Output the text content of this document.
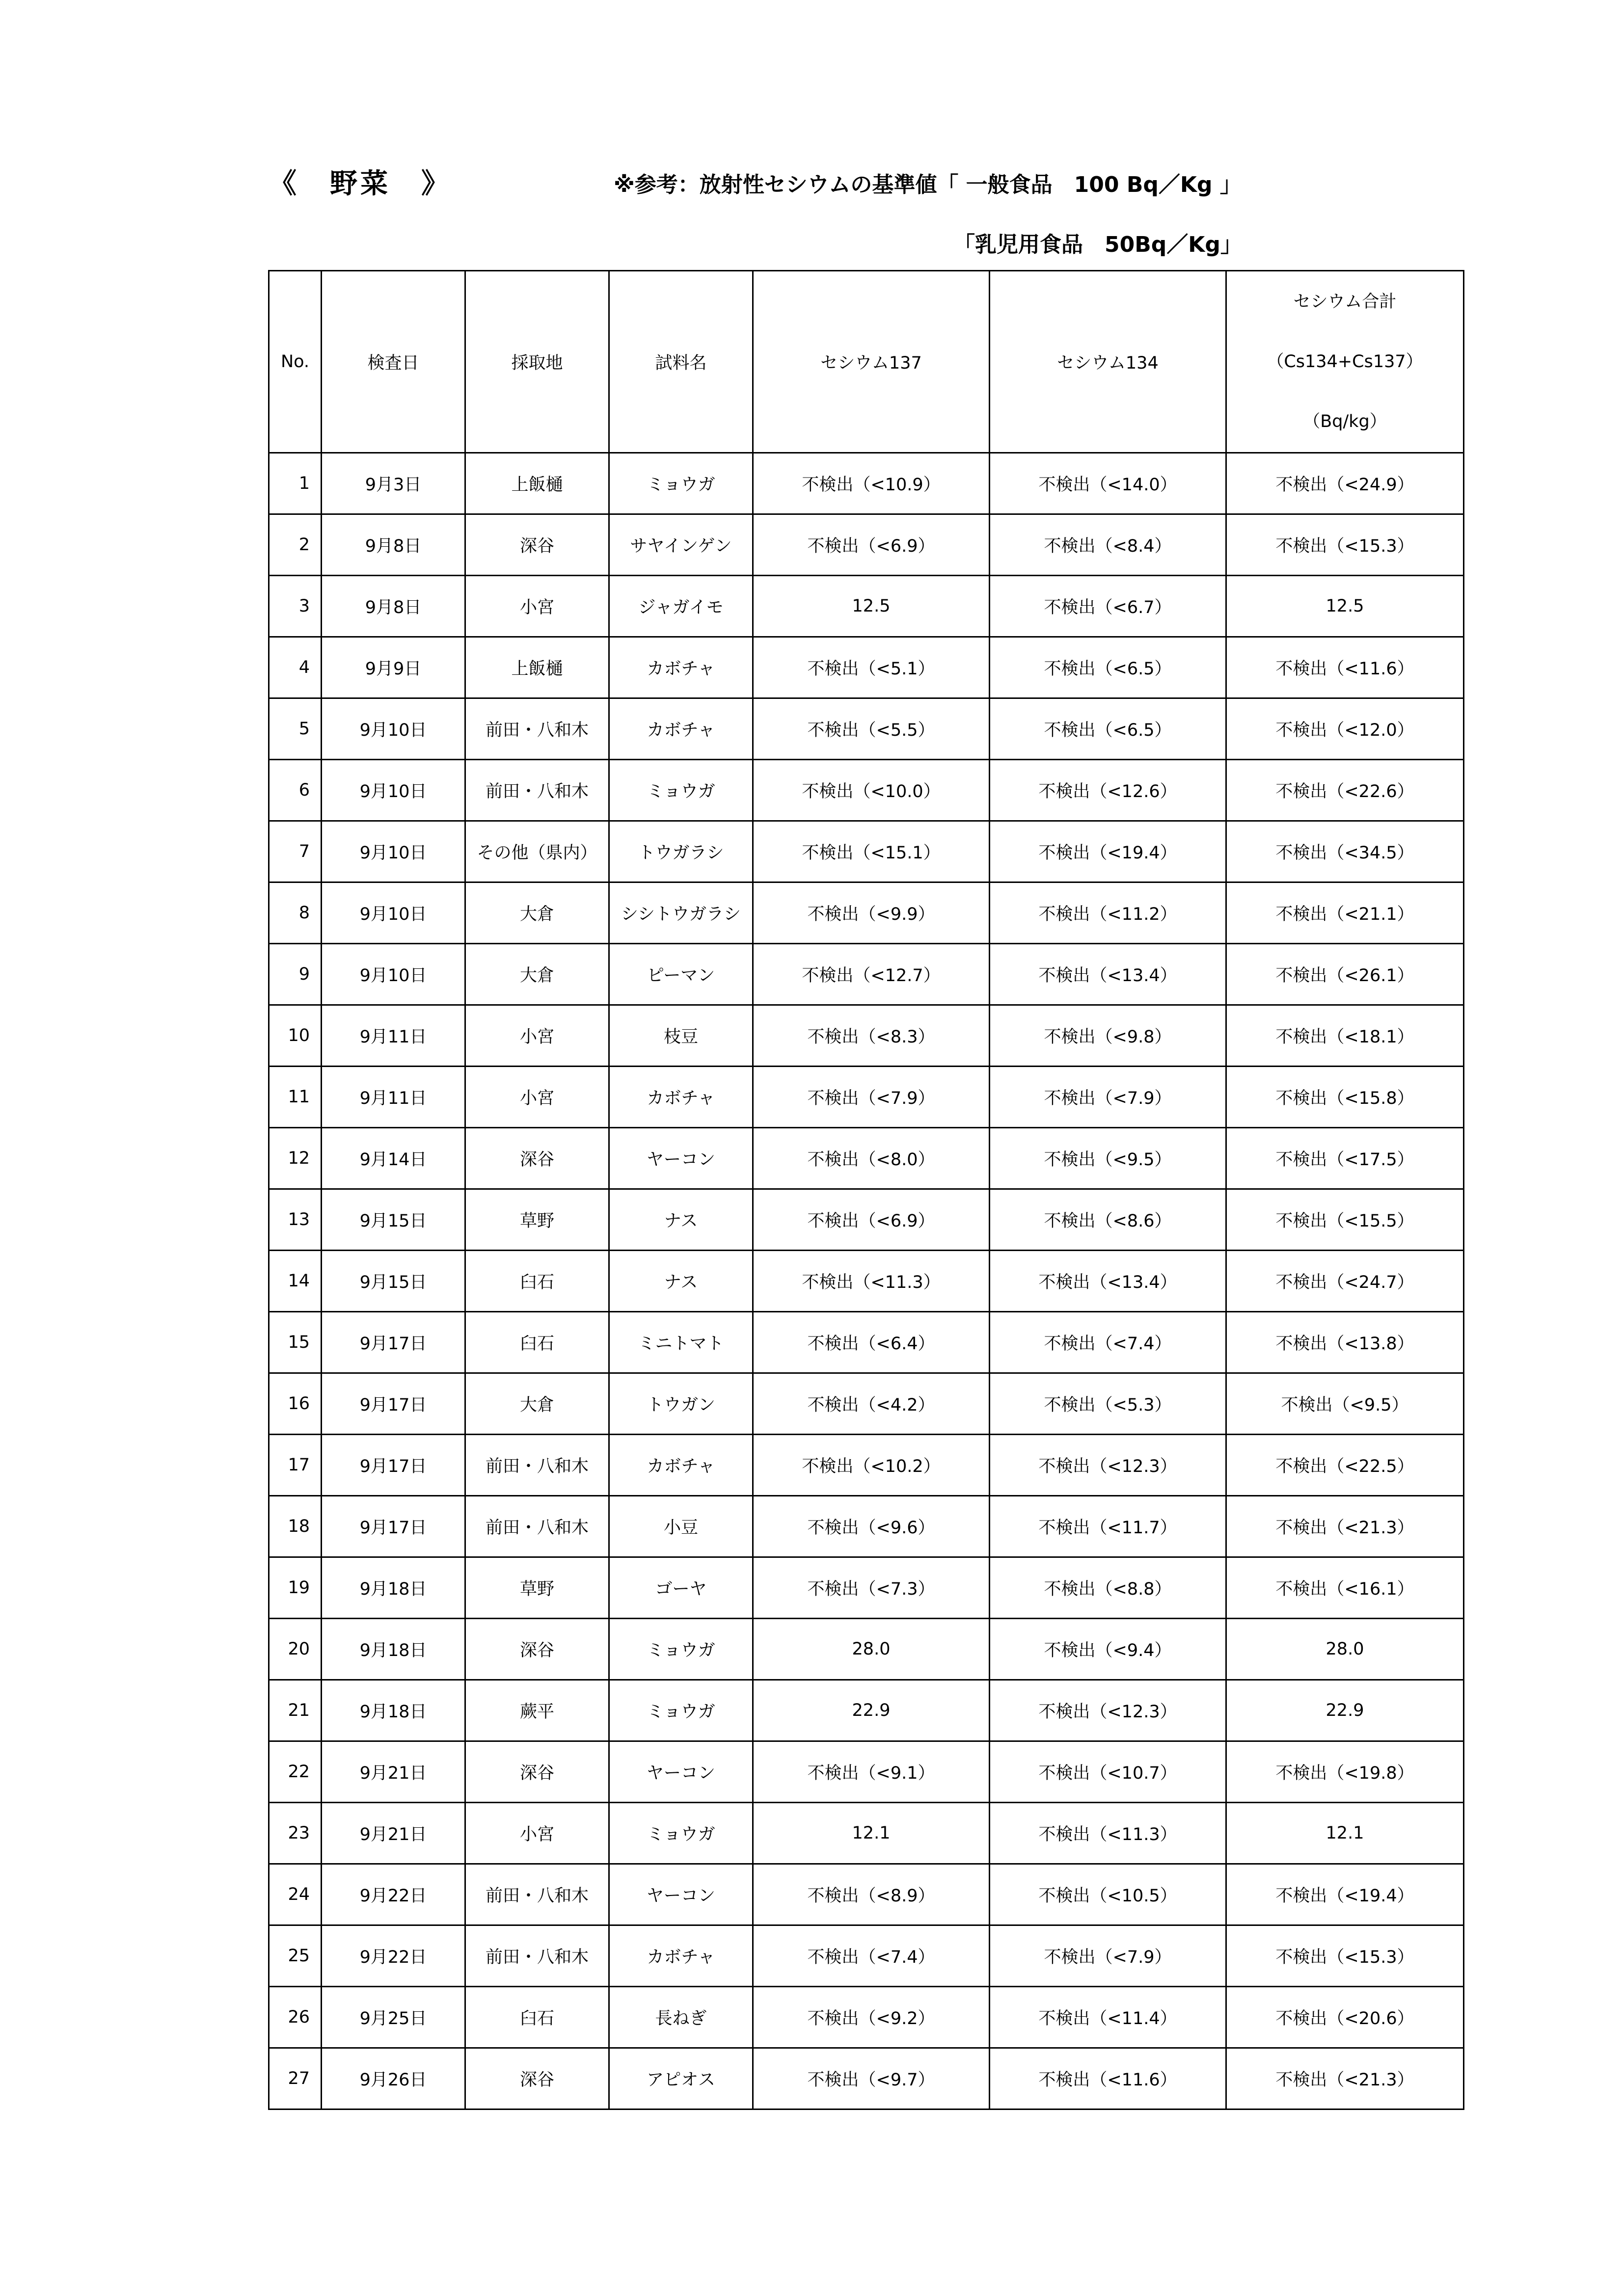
《　野菜　》	※参考：放射性セシウムの基準値「 一般食品　100 Bq／Kg 」
「乳児用食品　50Bq／Kg」
No.	検査日	採取地	試料名	セシウム137	セシウム134	セシウム合計
（Cs134+Cs137）
（Bq/kg）

1	9月3日	上飯樋	ミョウガ	不検出（<10.9）	不検出（<14.0）	不検出（<24.9）
2	9月8日	深谷	サヤインゲン	不検出（<6.9）	不検出（<8.4）	不検出（<15.3）
3	9月8日	小宮	ジャガイモ	12.5	不検出（<6.7）	12.5
4	9月9日	上飯樋	カボチャ	不検出（<5.1）	不検出（<6.5）	不検出（<11.6）
5	9月10日	前田・八和木	カボチャ	不検出（<5.5）	不検出（<6.5）	不検出（<12.0）
6	9月10日	前田・八和木	ミョウガ	不検出（<10.0）	不検出（<12.6）	不検出（<22.6）
7	9月10日	その他（県内）	トウガラシ	不検出（<15.1）	不検出（<19.4）	不検出（<34.5）
8	9月10日	大倉	シシトウガラシ	不検出（<9.9）	不検出（<11.2）	不検出（<21.1）
9	9月10日	大倉	ピーマン	不検出（<12.7）	不検出（<13.4）	不検出（<26.1）
10	9月11日	小宮	枝豆	不検出（<8.3）	不検出（<9.8）	不検出（<18.1）
11	9月11日	小宮	カボチャ	不検出（<7.9）	不検出（<7.9）	不検出（<15.8）
12	9月14日	深谷	ヤーコン	不検出（<8.0）	不検出（<9.5）	不検出（<17.5）
13	9月15日	草野	ナス	不検出（<6.9）	不検出（<8.6）	不検出（<15.5）
14	9月15日	臼石	ナス	不検出（<11.3）	不検出（<13.4）	不検出（<24.7）
15	9月17日	臼石	ミニトマト	不検出（<6.4）	不検出（<7.4）	不検出（<13.8）
16	9月17日	大倉	トウガン	不検出（<4.2）	不検出（<5.3）	不検出（<9.5）
17	9月17日	前田・八和木	カボチャ	不検出（<10.2）	不検出（<12.3）	不検出（<22.5）
18	9月17日	前田・八和木	小豆	不検出（<9.6）	不検出（<11.7）	不検出（<21.3）
19	9月18日	草野	ゴーヤ	不検出（<7.3）	不検出（<8.8）	不検出（<16.1）
20	9月18日	深谷	ミョウガ	28.0	不検出（<9.4）	28.0
21	9月18日	蕨平	ミョウガ	22.9	不検出（<12.3）	22.9
22	9月21日	深谷	ヤーコン	不検出（<9.1）	不検出（<10.7）	不検出（<19.8）
23	9月21日	小宮	ミョウガ	12.1	不検出（<11.3）	12.1
24	9月22日	前田・八和木	ヤーコン	不検出（<8.9）	不検出（<10.5）	不検出（<19.4）
25	9月22日	前田・八和木	カボチャ	不検出（<7.4）	不検出（<7.9）	不検出（<15.3）
26	9月25日	臼石	長ねぎ	不検出（<9.2）	不検出（<11.4）	不検出（<20.6）
27	9月26日	深谷	アピオス	不検出（<9.7）	不検出（<11.6）	不検出（<21.3）
